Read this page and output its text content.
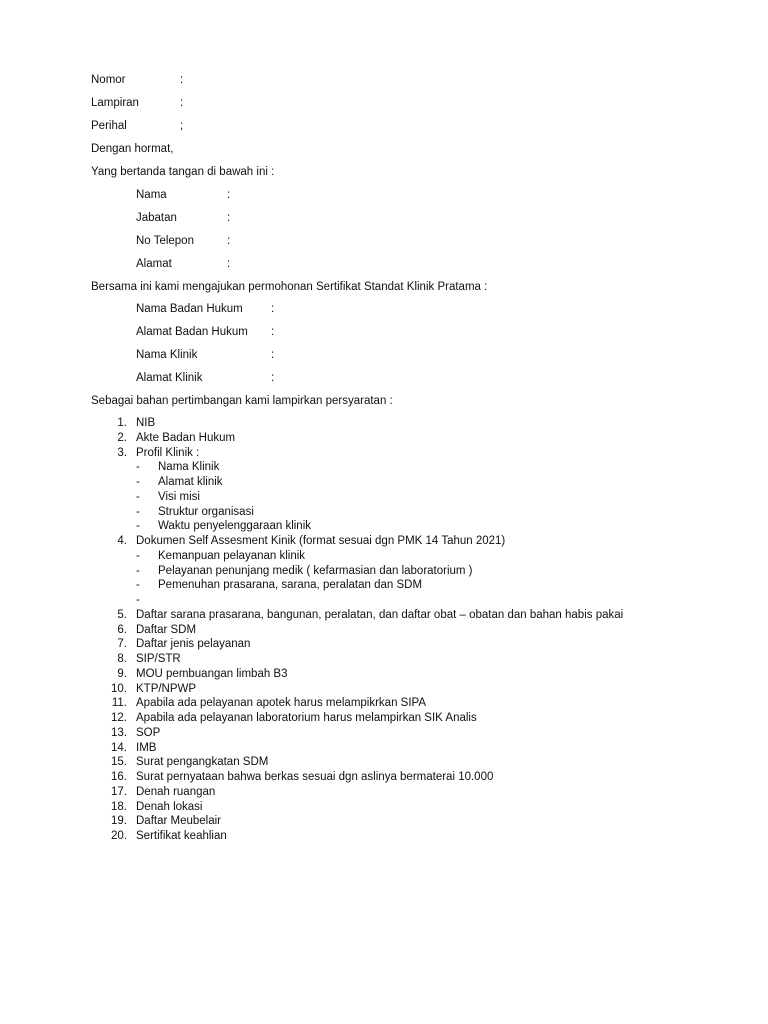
Nomor	:
Lampiran	:
Perihal	;
Dengan hormat,
Yang bertanda tangan di bawah ini :
Nama	:
Jabatan	:
No Telepon	:
Alamat	:
Bersama ini kami mengajukan permohonan Sertifikat Standat Klinik Pratama :
Nama Badan Hukum :
Alamat Badan Hukum :
Nama Klinik	:
Alamat Klinik	:
Sebagai bahan pertimbangan kami lampirkan persyaratan :
1. NIB
2. Akte Badan Hukum
3. Profil Klinik :
- Nama Klinik
- Alamat klinik
- Visi misi
- Struktur organisasi
- Waktu penyelenggaraan klinik
4. Dokumen Self Assesment Kinik (format sesuai dgn PMK 14 Tahun 2021)
- Kemanpuan pelayanan klinik
- Pelayanan penunjang medik ( kefarmasian dan laboratorium )
- Pemenuhan prasarana, sarana, peralatan dan SDM
-
5. Daftar sarana prasarana, bangunan, peralatan, dan daftar obat – obatan dan bahan habis pakai
6. Daftar SDM
7. Daftar jenis pelayanan
8. SIP/STR
9. MOU pembuangan limbah B3
10. KTP/NPWP
11. Apabila ada pelayanan apotek harus melampikrkan SIPA
12. Apabila ada pelayanan laboratorium harus melampirkan SIK Analis
13. SOP
14. IMB
15. Surat pengangkatan SDM
16. Surat pernyataan bahwa berkas sesuai dgn aslinya bermaterai 10.000
17. Denah ruangan
18. Denah lokasi
19. Daftar Meubelair
20. Sertifikat keahlian
